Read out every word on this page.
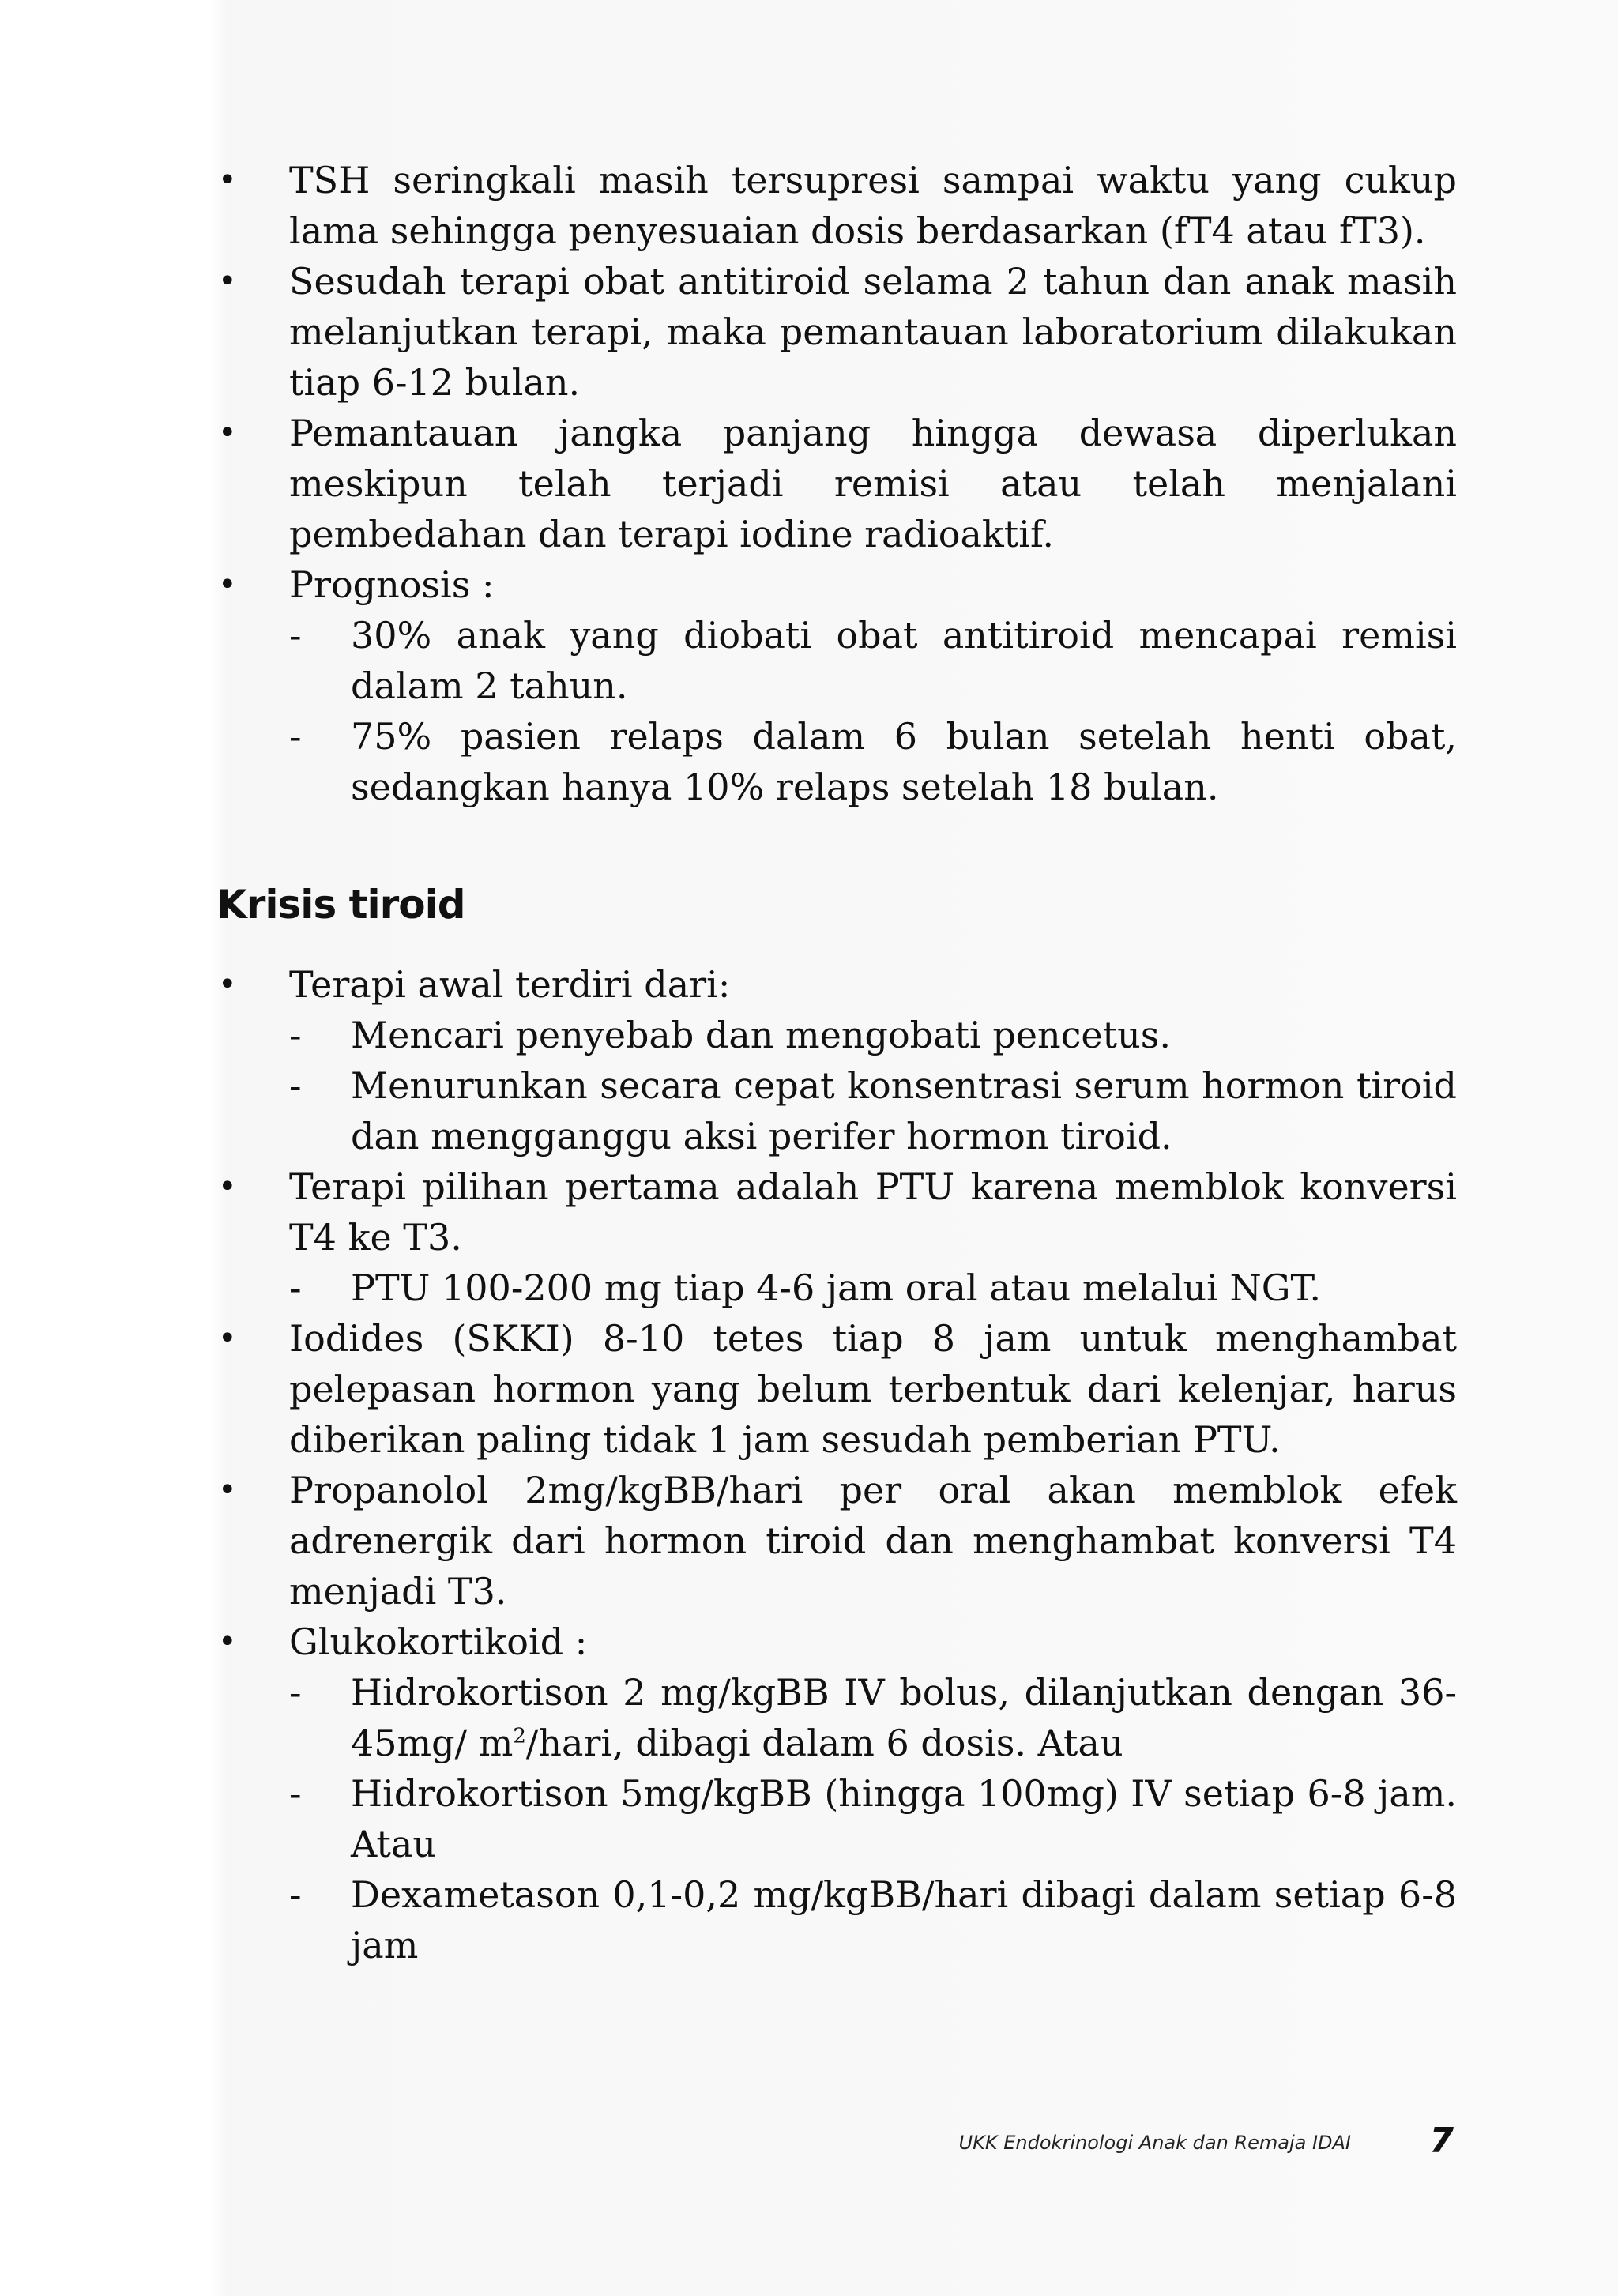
•	TSH seringkali masih tersupresi sampai waktu yang cukup lama sehingga penyesuaian dosis berdasarkan (fT4 atau fT3).
•	Sesudah terapi obat antitiroid selama 2 tahun dan anak masih melanjutkan terapi, maka pemantauan laboratorium dilakukan tiap 6-12 bulan.
•	Pemantauan jangka panjang hingga dewasa diperlukan meskipun telah terjadi remisi atau telah menjalani pembedahan dan terapi iodine radioaktif.
•	Prognosis :
-	30% anak yang diobati obat antitiroid mencapai remisi dalam 2 tahun.
-	75% pasien relaps dalam 6 bulan setelah henti obat, sedangkan hanya 10% relaps setelah 18 bulan.
Krisis tiroid
•	Terapi awal terdiri dari:
-	Mencari penyebab dan mengobati pencetus.
-	Menurunkan secara cepat konsentrasi serum hormon tiroid dan mengganggu aksi perifer hormon tiroid.
•	Terapi pilihan pertama adalah PTU karena memblok konversi T4 ke T3.
-	PTU 100-200 mg tiap 4-6 jam oral atau melalui NGT.
•	Iodides (SKKI) 8-10 tetes tiap 8 jam untuk menghambat pelepasan hormon yang belum terbentuk dari kelenjar, harus diberikan paling tidak 1 jam sesudah pemberian PTU.
•	Propanolol 2mg/kgBB/hari per oral akan memblok efek adrenergik dari hormon tiroid dan menghambat konversi T4 menjadi T3.
•	Glukokortikoid :
-	Hidrokortison 2 mg/kgBB IV bolus, dilanjutkan dengan 36-45mg/ $m^2$/hari, dibagi dalam 6 dosis. Atau
-	Hidrokortison 5mg/kgBB (hingga 100mg) IV setiap 6-8 jam. Atau
-	Dexametason 0,1-0,2 mg/kgBB/hari dibagi dalam setiap 6-8 jam
UKK Endokrinologi Anak dan Remaja IDAI 7
